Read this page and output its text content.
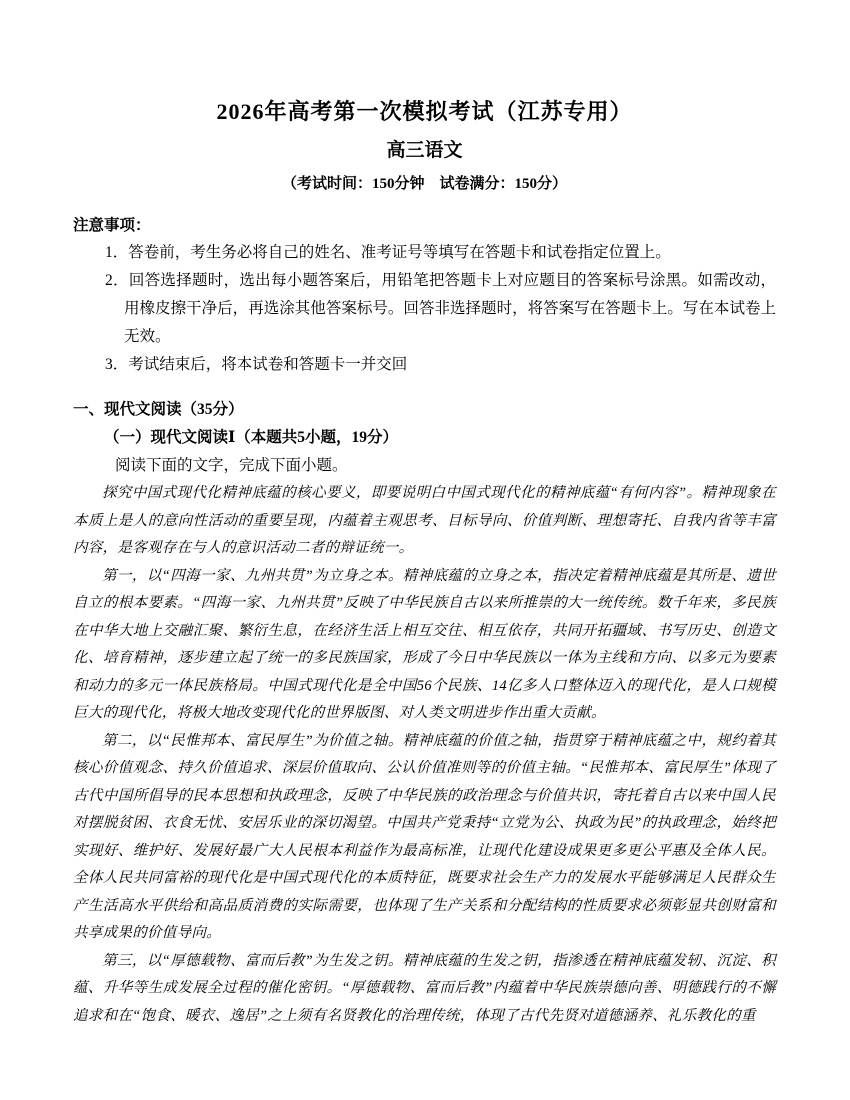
2026年高考第一次模拟考试（江苏专用）
高三语文
（考试时间：150分钟　试卷满分：150分）
注意事项：
1．答卷前，考生务必将自己的姓名、准考证号等填写在答题卡和试卷指定位置上。
2．回答选择题时，选出每小题答案后，用铅笔把答题卡上对应题目的答案标号涂黑。如需改动，用橡皮擦干净后，再选涂其他答案标号。回答非选择题时，将答案写在答题卡上。写在本试卷上无效。
3．考试结束后，将本试卷和答题卡一并交回
一、现代文阅读（35分）
（一）现代文阅读Ⅰ（本题共5小题，19分）
阅读下面的文字，完成下面小题。

探究中国式现代化精神底蕴的核心要义，即要说明白中国式现代化的精神底蕴“有何内容”。精神现象在本质上是人的意向性活动的重要呈现，内蕴着主观思考、目标导向、价值判断、理想寄托、自我内省等丰富内容，是客观存在与人的意识活动二者的辩证统一。

第一，以“四海一家、九州共贯”为立身之本。精神底蕴的立身之本，指决定着精神底蕴是其所是、遗世自立的根本要素。“四海一家、九州共贯”反映了中华民族自古以来所推崇的大一统传统。数千年来，多民族在中华大地上交融汇聚、繁衍生息，在经济生活上相互交往、相互依存，共同开拓疆域、书写历史、创造文化、培育精神，逐步建立起了统一的多民族国家，形成了今日中华民族以一体为主线和方向、以多元为要素和动力的多元一体民族格局。中国式现代化是全中国56个民族、14亿多人口整体迈入的现代化，是人口规模巨大的现代化，将极大地改变现代化的世界版图、对人类文明进步作出重大贡献。

第二，以“民惟邦本、富民厚生”为价值之轴。精神底蕴的价值之轴，指贯穿于精神底蕴之中，规约着其核心价值观念、持久价值追求、深层价值取向、公认价值准则等的价值主轴。“民惟邦本、富民厚生”体现了古代中国所倡导的民本思想和执政理念，反映了中华民族的政治理念与价值共识，寄托着自古以来中国人民对摆脱贫困、衣食无忧、安居乐业的深切渴望。中国共产党秉持“立党为公、执政为民”的执政理念，始终把实现好、维护好、发展好最广大人民根本利益作为最高标准，让现代化建设成果更多更公平惠及全体人民。全体人民共同富裕的现代化是中国式现代化的本质特征，既要求社会生产力的发展水平能够满足人民群众生产生活高水平供给和高品质消费的实际需要，也体现了生产关系和分配结构的性质要求必须彰显共创财富和共享成果的价值导向。

第三，以“厚德载物、富而后教”为生发之钥。精神底蕴的生发之钥，指渗透在精神底蕴发轫、沉淀、积蕴、升华等生成发展全过程的催化密钥。“厚德载物、富而后教”内蕴着中华民族崇德向善、明德践行的不懈追求和在“饱食、暖衣、逸居”之上须有名贤教化的治理传统，体现了古代先贤对道德涵养、礼乐教化的重
